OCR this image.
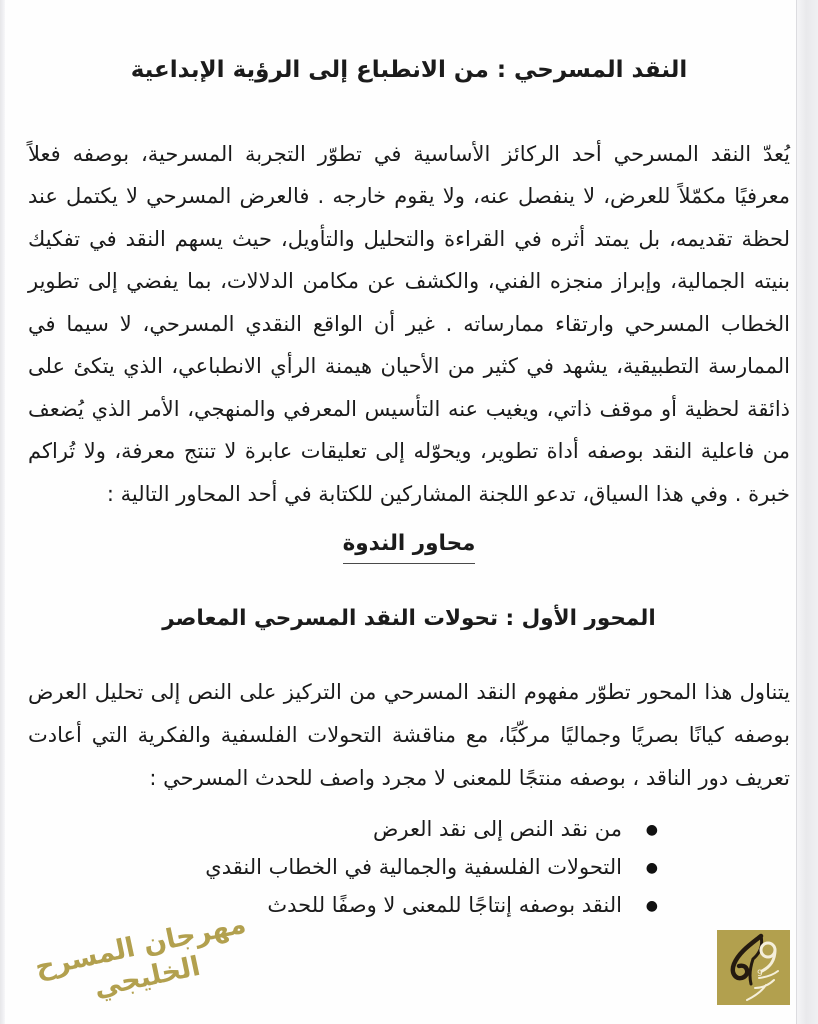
النقد المسرحي : من الانطباع إلى الرؤية الإبداعية

يُعدّ النقد المسرحي أحد الركائز الأساسية في تطوّر التجربة المسرحية، بوصفه فعلاً معرفيًا مكمّلاً للعرض، لا ينفصل عنه، ولا يقوم خارجه . فالعرض المسرحي لا يكتمل عند لحظة تقديمه، بل يمتد أثره في القراءة والتحليل والتأويل، حيث يسهم النقد في تفكيك بنيته الجمالية، وإبراز منجزه الفني، والكشف عن مكامن الدلالات، بما يفضي إلى تطوير الخطاب المسرحي وارتقاء ممارساته . غير أن الواقع النقدي المسرحي، لا سيما في الممارسة التطبيقية، يشهد في كثير من الأحيان هيمنة الرأي الانطباعي، الذي يتكئ على ذائقة لحظية أو موقف ذاتي، ويغيب عنه التأسيس المعرفي والمنهجي، الأمر الذي يُضعف من فاعلية النقد بوصفه أداة تطوير، ويحوّله إلى تعليقات عابرة لا تنتج معرفة، ولا تُراكم خبرة . وفي هذا السياق، تدعو اللجنة المشاركين للكتابة في أحد المحاور التالية :

محاور الندوة
المحور الأول : تحولات النقد المسرحي المعاصر

يتناول هذا المحور تطوّر مفهوم النقد المسرحي من التركيز على النص إلى تحليل العرض بوصفه كيانًا بصريًا وجماليًا مركّبًا، مع مناقشة التحولات الفلسفية والفكرية التي أعادت تعريف دور الناقد ، بوصفه منتجًا للمعنى لا مجرد واصف للحدث المسرحي :

●
من نقد النص إلى نقد العرض
●
التحولات الفلسفية والجمالية في الخطاب النقدي
●
النقد بوصفه إنتاجًا للمعنى لا وصفًا للحدث
مهرجان المسرح الخليجي	9
